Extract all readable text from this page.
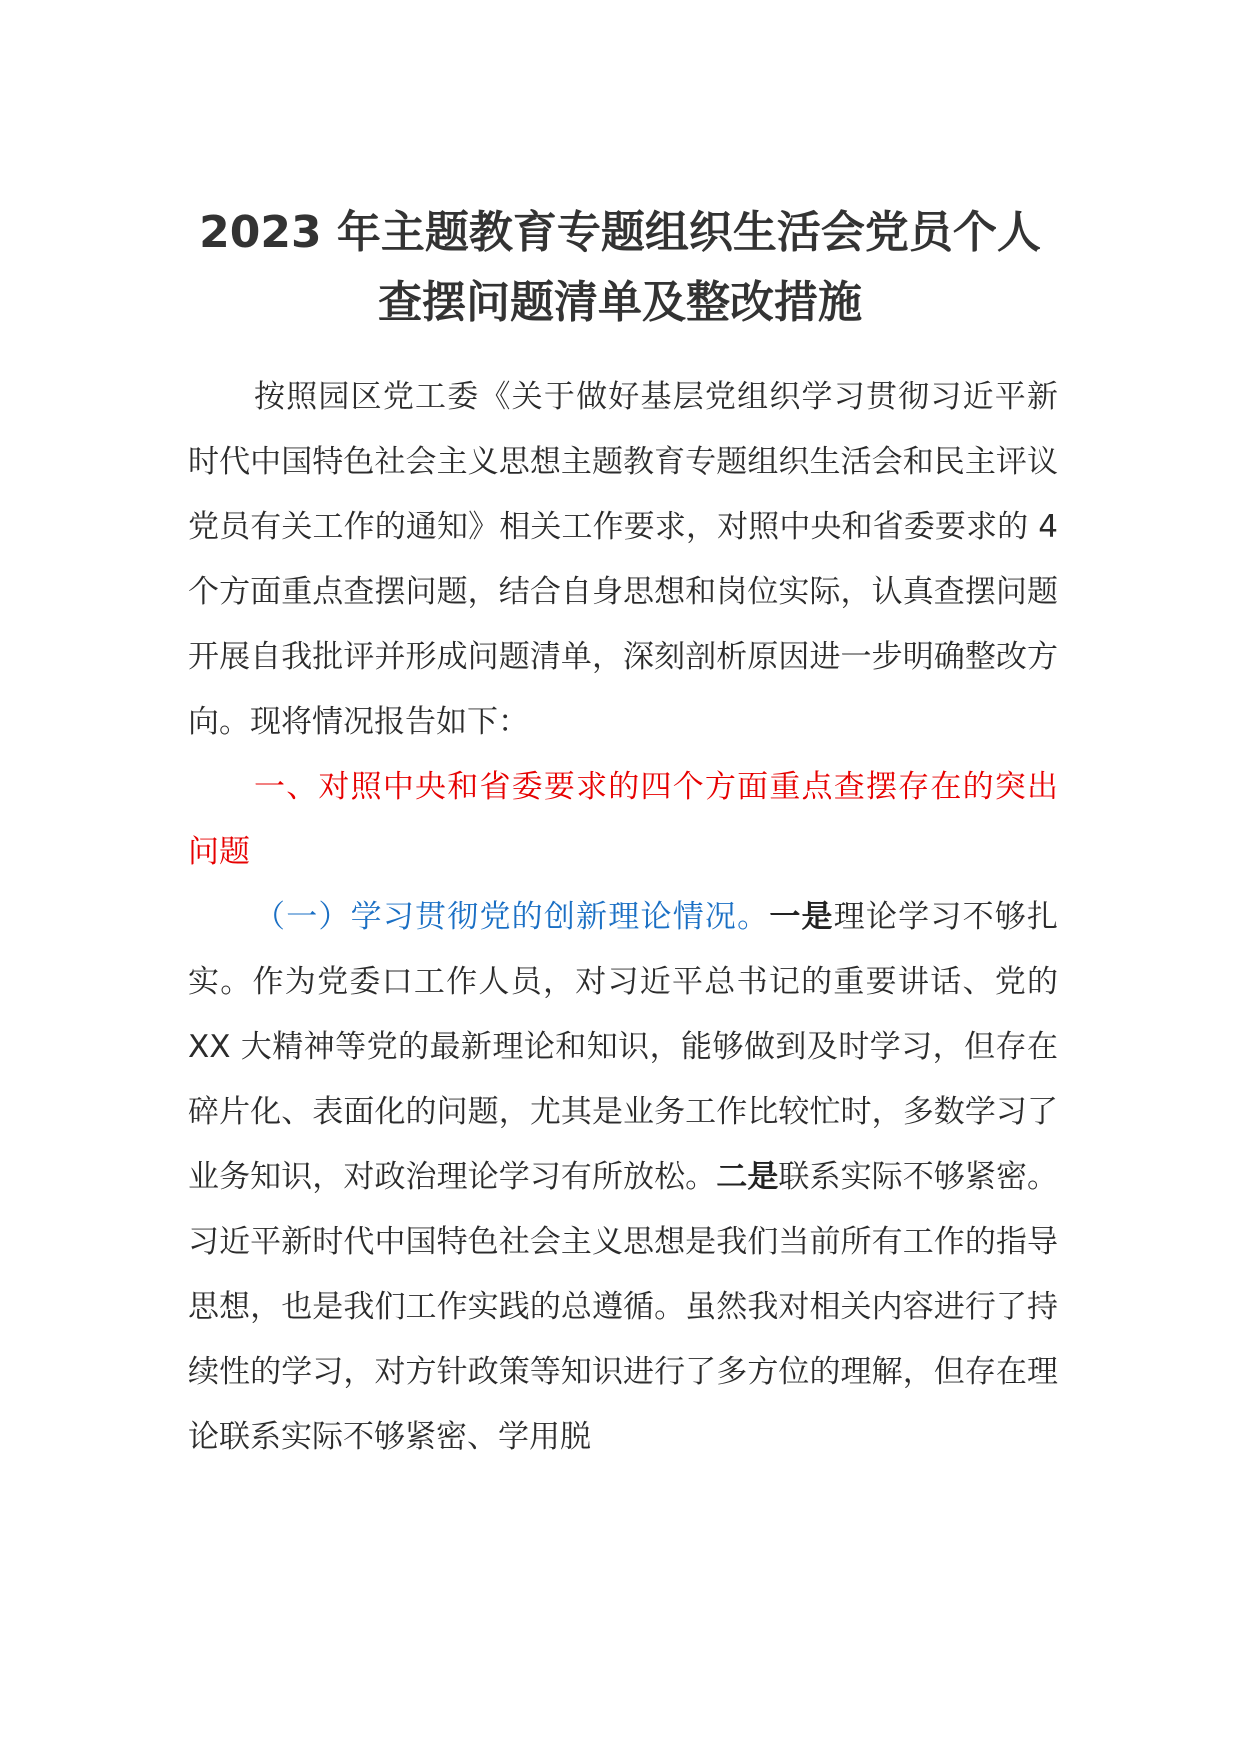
2023 年主题教育专题组织生活会党员个人
查摆问题清单及整改措施

按照园区党工委《关于做好基层党组织学习贯彻习近平新时代中国特色社会主义思想主题教育专题组织生活会和民主评议党员有关工作的通知》相关工作要求，对照中央和省委要求的 4 个方面重点查摆问题，结合自身思想和岗位实际，认真查摆问题开展自我批评并形成问题清单，深刻剖析原因进一步明确整改方向。现将情况报告如下：

一、对照中央和省委要求的四个方面重点查摆存在的突出问题

（一）学习贯彻党的创新理论情况。一是理论学习不够扎实。作为党委口工作人员，对习近平总书记的重要讲话、党的 XX 大精神等党的最新理论和知识，能够做到及时学习，但存在碎片化、表面化的问题，尤其是业务工作比较忙时，多数学习了业务知识，对政治理论学习有所放松。二是联系实际不够紧密。习近平新时代中国特色社会主义思想是我们当前所有工作的指导思想，也是我们工作实践的总遵循。虽然我对相关内容进行了持续性的学习，对方针政策等知识进行了多方位的理解，但存在理论联系实际不够紧密、学用脱
